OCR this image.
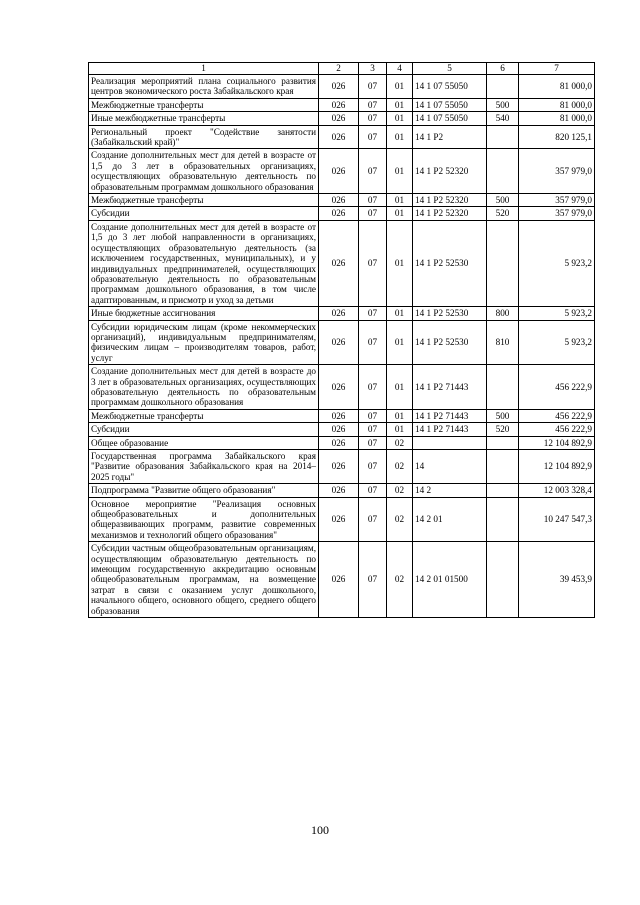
1	2	3	4	5	6	7
Реализация мероприятий плана социального развития центров экономического роста Забайкальского края	026	07	01	14 1 07 55050		81 000,0
Межбюджетные трансферты	026	07	01	14 1 07 55050	500	81 000,0
Иные межбюджетные трансферты	026	07	01	14 1 07 55050	540	81 000,0
Региональный проект "Содействие занятости (Забайкальский край)"	026	07	01	14 1 P2		820 125,1
Создание дополнительных мест для детей в возрасте от 1,5 до 3 лет в образовательных организациях, осуществляющих образовательную деятельность по образовательным программам дошкольного образования	026	07	01	14 1 P2 52320		357 979,0
Межбюджетные трансферты	026	07	01	14 1 P2 52320	500	357 979,0
Субсидии	026	07	01	14 1 P2 52320	520	357 979,0
Создание дополнительных мест для детей в возрасте от 1,5 до 3 лет любой направленности в организациях, осуществляющих образовательную деятельность (за исключением государственных, муниципальных), и у индивидуальных предпринимателей, осуществляющих образовательную деятельность по образовательным программам дошкольного образования, в том числе адаптированным, и присмотр и уход за детьми	026	07	01	14 1 P2 52530		5 923,2
Иные бюджетные ассигнования	026	07	01	14 1 P2 52530	800	5 923,2
Субсидии юридическим лицам (кроме некоммерческих организаций), индивидуальным предпринимателям, физическим лицам – производителям товаров, работ, услуг	026	07	01	14 1 P2 52530	810	5 923,2
Создание дополнительных мест для детей в возрасте до 3 лет в образовательных организациях, осуществляющих образовательную деятельность по образовательным программам дошкольного образования	026	07	01	14 1 P2 71443		456 222,9
Межбюджетные трансферты	026	07	01	14 1 P2 71443	500	456 222,9
Субсидии	026	07	01	14 1 P2 71443	520	456 222,9
Общее образование	026	07	02			12 104 892,9
Государственная программа Забайкальского края "Развитие образования Забайкальского края на 2014–2025 годы"	026	07	02	14		12 104 892,9
Подпрограмма "Развитие общего образования"	026	07	02	14 2		12 003 328,4
Основное мероприятие "Реализация основных общеобразовательных и дополнительных общеразвивающих программ, развитие современных механизмов и технологий общего образования"	026	07	02	14 2 01		10 247 547,3
Субсидии частным общеобразовательным организациям, осуществляющим образовательную деятельность по имеющим государственную аккредитацию основным общеобразовательным программам, на возмещение затрат в связи с оказанием услуг дошкольного, начального общего, основного общего, среднего общего образования	026	07	02	14 2 01 01500		39 453,9
100
